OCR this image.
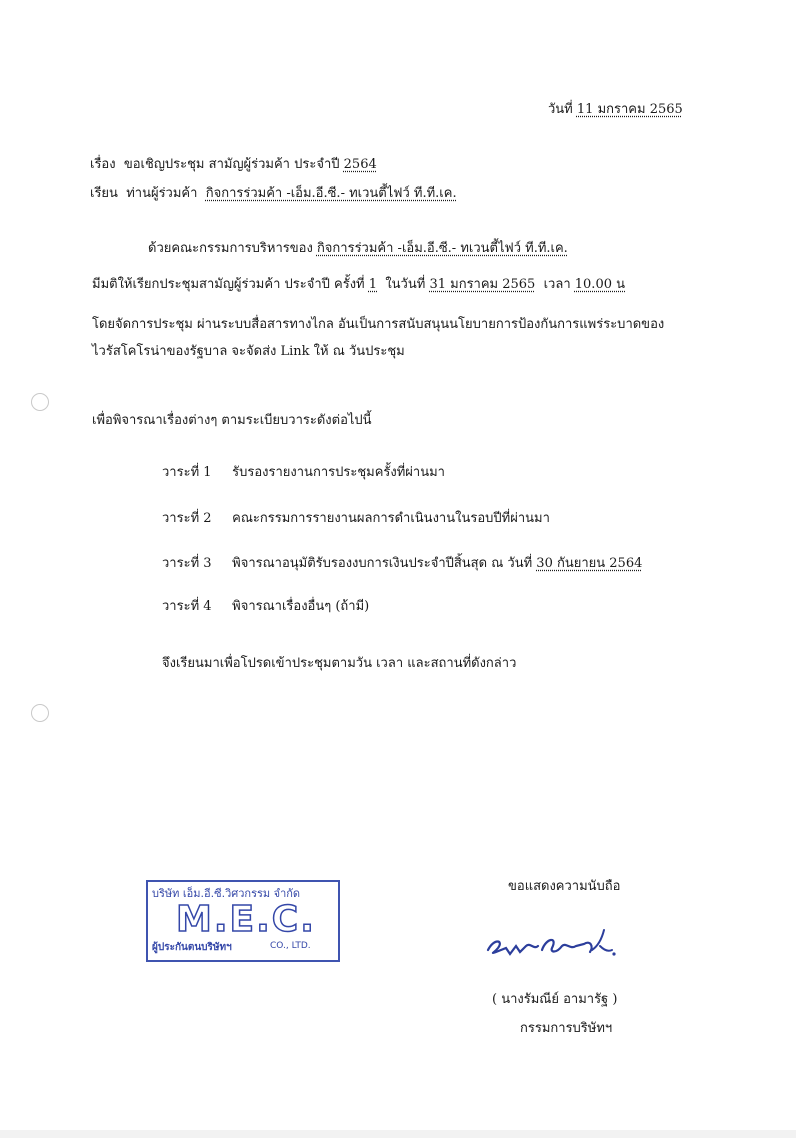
วันที่ 11 มกราคม 2565
เรื่อง ขอเชิญประชุม สามัญผู้ร่วมค้า ประจำปี 2564
เรียน ท่านผู้ร่วมค้า กิจการร่วมค้า -เอ็ม.อี.ซี.- ทเวนตี้ไฟว์ ที.ที.เค.
ด้วยคณะกรรมการบริหารของ กิจการร่วมค้า -เอ็ม.อี.ซี.- ทเวนตี้ไฟว์ ที.ที.เค.
มีมติให้เรียกประชุมสามัญผู้ร่วมค้า ประจำปี ครั้งที่ 1 ในวันที่ 31 มกราคม 2565 เวลา 10.00 น
โดยจัดการประชุม ผ่านระบบสื่อสารทางไกล อันเป็นการสนับสนุนนโยบายการป้องกันการแพร่ระบาดของ
ไวรัสโคโรน่าของรัฐบาล จะจัดส่ง Link ให้ ณ วันประชุม
เพื่อพิจารณาเรื่องต่างๆ ตามระเบียบวาระดังต่อไปนี้
วาระที่ 1 รับรองรายงานการประชุมครั้งที่ผ่านมา
วาระที่ 2 คณะกรรมการรายงานผลการดำเนินงานในรอบปีที่ผ่านมา
วาระที่ 3 พิจารณาอนุมัติรับรองงบการเงินประจำปีสิ้นสุด ณ วันที่ 30 กันยายน 2564
วาระที่ 4 พิจารณาเรื่องอื่นๆ (ถ้ามี)
จึงเรียนมาเพื่อโปรดเข้าประชุมตามวัน เวลา และสถานที่ดังกล่าว
ขอแสดงความนับถือ
บริษัท เอ็ม.อี.ซี.วิศวกรรม จำกัด
M.E.C.
ผู้ประกันตนบริษัทฯ	CO., LTD.
( นางรัมณีย์ อามารัฐ )
กรรมการบริษัทฯ
